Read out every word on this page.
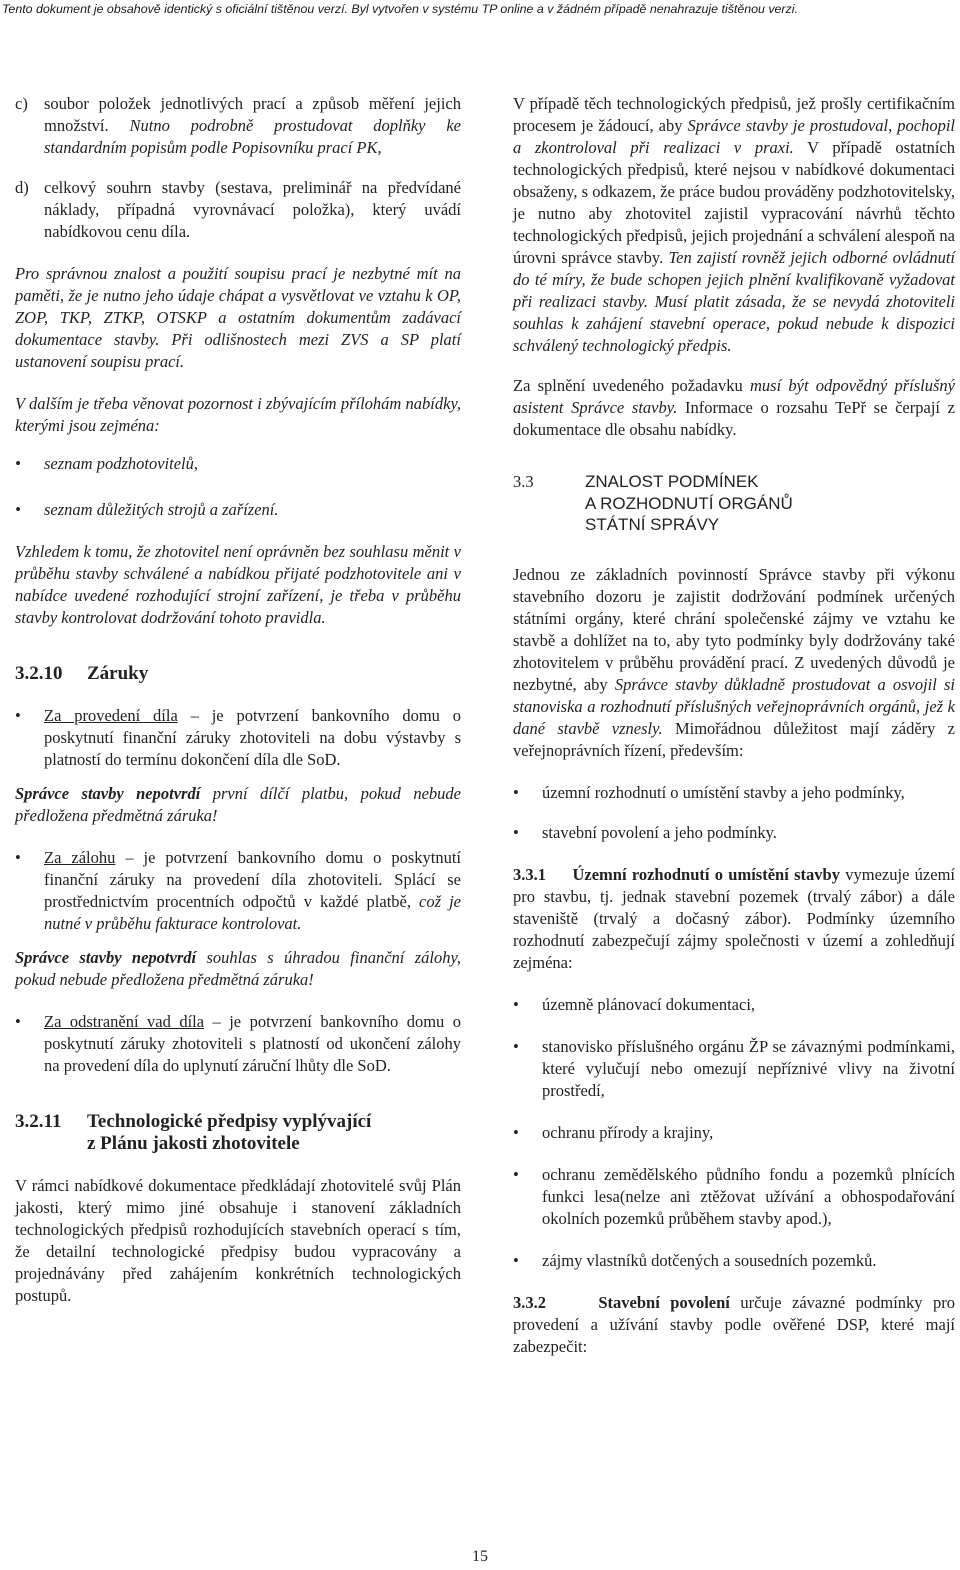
Tento dokument je obsahově identický s oficiální tištěnou verzí. Byl vytvořen v systému TP online a v žádném případě nenahrazuje tištěnou verzi.

c) soubor položek jednotlivých prací a způsob měření jejich množství. Nutno podrobně prostudovat doplňky ke standardním popisům podle Popisovníku prací PK,

d) celkový souhrn stavby (sestava, preliminář na předvídané náklady, případná vyrovnávací položka), který uvádí nabídkovou cenu díla.

Pro správnou znalost a použití soupisu prací je nezbytné mít na paměti, že je nutno jeho údaje chápat a vysvětlovat ve vztahu k OP, ZOP, TKP, ZTKP, OTSKP a ostatním dokumentům zadávací dokumentace stavby. Při odlišnostech mezi ZVS a SP platí ustanovení soupisu prací.

V dalším je třeba věnovat pozornost i zbývajícím přílohám nabídky, kterými jsou zejména:

•	seznam podzhotovitelů,
•	seznam důležitých strojů a zařízení.

Vzhledem k tomu, že zhotovitel není oprávněn bez souhlasu měnit v průběhu stavby schválené a nabídkou přijaté podzhotovitele ani v nabídce uvedené rozhodující strojní zařízení, je třeba v průběhu stavby kontrolovat dodržování tohoto pravidla.

3.2.10	Záruky
•	Za provedení díla – je potvrzení bankovního domu o poskytnutí finanční záruky zhotoviteli na dobu výstavby s platností do termínu dokončení díla dle SoD.

Správce stavby nepotvrdí první dílčí platbu, pokud nebude předložena předmětná záruka!

•	Za zálohu – je potvrzení bankovního domu o poskytnutí finanční záruky na provedení díla zhotoviteli. Splácí se prostřednictvím procentních odpočtů v každé platbě, což je nutné v průběhu fakturace kontrolovat.

Správce stavby nepotvrdí souhlas s úhradou finanční zálohy, pokud nebude předložena předmětná záruka!

•	Za odstranění vad díla – je potvrzení bankovního domu o poskytnutí záruky zhotoviteli s platností od ukončení zálohy na provedení díla do uplynutí záruční lhůty dle SoD.
3.2.11	Technologické předpisy vyplývající
z Plánu jakosti zhotovitele

V rámci nabídkové dokumentace předkládají zhotovitelé svůj Plán jakosti, který mimo jiné obsahuje i stanovení základních technologických předpisů rozhodujících stavebních operací s tím, že detailní technologické předpisy budou vypracovány a projednávány před zahájením konkrétních technologických postupů.

V případě těch technologických předpisů, jež prošly certifikačním procesem je žádoucí, aby Správce stavby je prostudoval, pochopil a zkontroloval při realizaci v praxi. V případě ostatních technologických předpisů, které nejsou v nabídkové dokumentaci obsaženy, s odkazem, že práce budou prováděny podzhotovitelsky, je nutno aby zhotovitel zajistil vypracování návrhů těchto technologických předpisů, jejich projednání a schválení alespoň na úrovni správce stavby. Ten zajistí rovněž jejich odborné ovládnutí do té míry, že bude schopen jejich plnění kvalifikovaně vyžadovat při realizaci stavby. Musí platit zásada, že se nevydá zhotoviteli souhlas k zahájení stavební operace, pokud nebude k dispozici schválený technologický předpis.

Za splnění uvedeného požadavku musí být odpovědný příslušný asistent Správce stavby. Informace o rozsahu TePř se čerpají z dokumentace dle obsahu nabídky.

3.3	ZNALOST PODMÍNEK
A ROZHODNUTÍ ORGÁNŮ
STÁTNÍ SPRÁVY

Jednou ze základních povinností Správce stavby při výkonu stavebního dozoru je zajistit dodržování podmínek určených státními orgány, které chrání společenské zájmy ve vztahu ke stavbě a dohlížet na to, aby tyto podmínky byly dodržovány také zhotovitelem v průběhu provádění prací. Z uvedených důvodů je nezbytné, aby Správce stavby důkladně prostudovat a osvojil si stanoviska a rozhodnutí příslušných veřejnoprávních orgánů, jež k dané stavbě vznesly. Mimořádnou důležitost mají záděry z veřejnoprávních řízení, především:

•	územní rozhodnutí o umístění stavby a jeho podmínky,
•	stavební povolení a jeho podmínky.

3.3.1 Územní rozhodnutí o umístění stavby vymezuje území pro stavbu, tj. jednak stavební pozemek (trvalý zábor) a dále staveniště (trvalý a dočasný zábor). Podmínky územního rozhodnutí zabezpečují zájmy společnosti v území a zohledňují zejména:

•	územně plánovací dokumentaci,
•	stanovisko příslušného orgánu ŽP se závaznými podmínkami, které vylučují nebo omezují nepříznivé vlivy na životní prostředí,
•	ochranu přírody a krajiny,
•	ochranu zemědělského půdního fondu a pozemků plnících funkci lesa(nelze ani ztěžovat užívání a obhospodařování okolních pozemků průběhem stavby apod.),
•	zájmy vlastníků dotčených a sousedních pozemků.

3.3.2	Stavební povolení určuje závazné podmínky pro provedení a užívání stavby podle ověřené DSP, které mají zabezpečit:

15
